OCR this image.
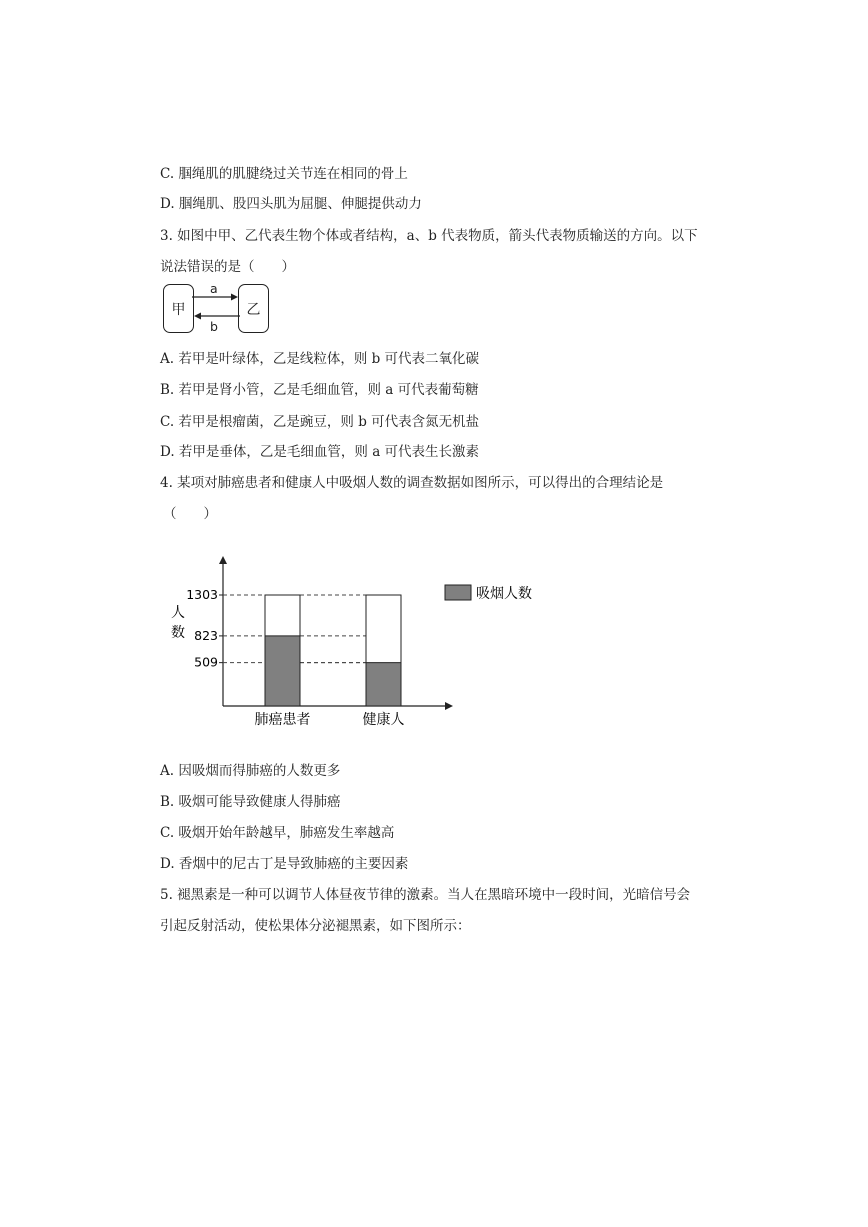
C. 腘绳肌的肌腱绕过关节连在相同的骨上
D. 腘绳肌、股四头肌为屈腿、伸腿提供动力
3. 如图中甲、乙代表生物个体或者结构，a、b 代表物质，箭头代表物质输送的方向。以下
说法错误的是（　　）
甲	乙
a
b
A. 若甲是叶绿体，乙是线粒体，则 b 可代表二氧化碳
B. 若甲是肾小管，乙是毛细血管，则 a 可代表葡萄糖
C. 若甲是根瘤菌，乙是豌豆，则 b 可代表含氮无机盐
D. 若甲是垂体，乙是毛细血管，则 a 可代表生长激素
4. 某项对肺癌患者和健康人中吸烟人数的调查数据如图所示，可以得出的合理结论是
（　　）
人
数
509
823
1303
肺癌患者	健康人
吸烟人数
A. 因吸烟而得肺癌的人数更多
B. 吸烟可能导致健康人得肺癌
C. 吸烟开始年龄越早，肺癌发生率越高
D. 香烟中的尼古丁是导致肺癌的主要因素
5. 褪黑素是一种可以调节人体昼夜节律的激素。当人在黑暗环境中一段时间，光暗信号会
引起反射活动，使松果体分泌褪黑素，如下图所示：
